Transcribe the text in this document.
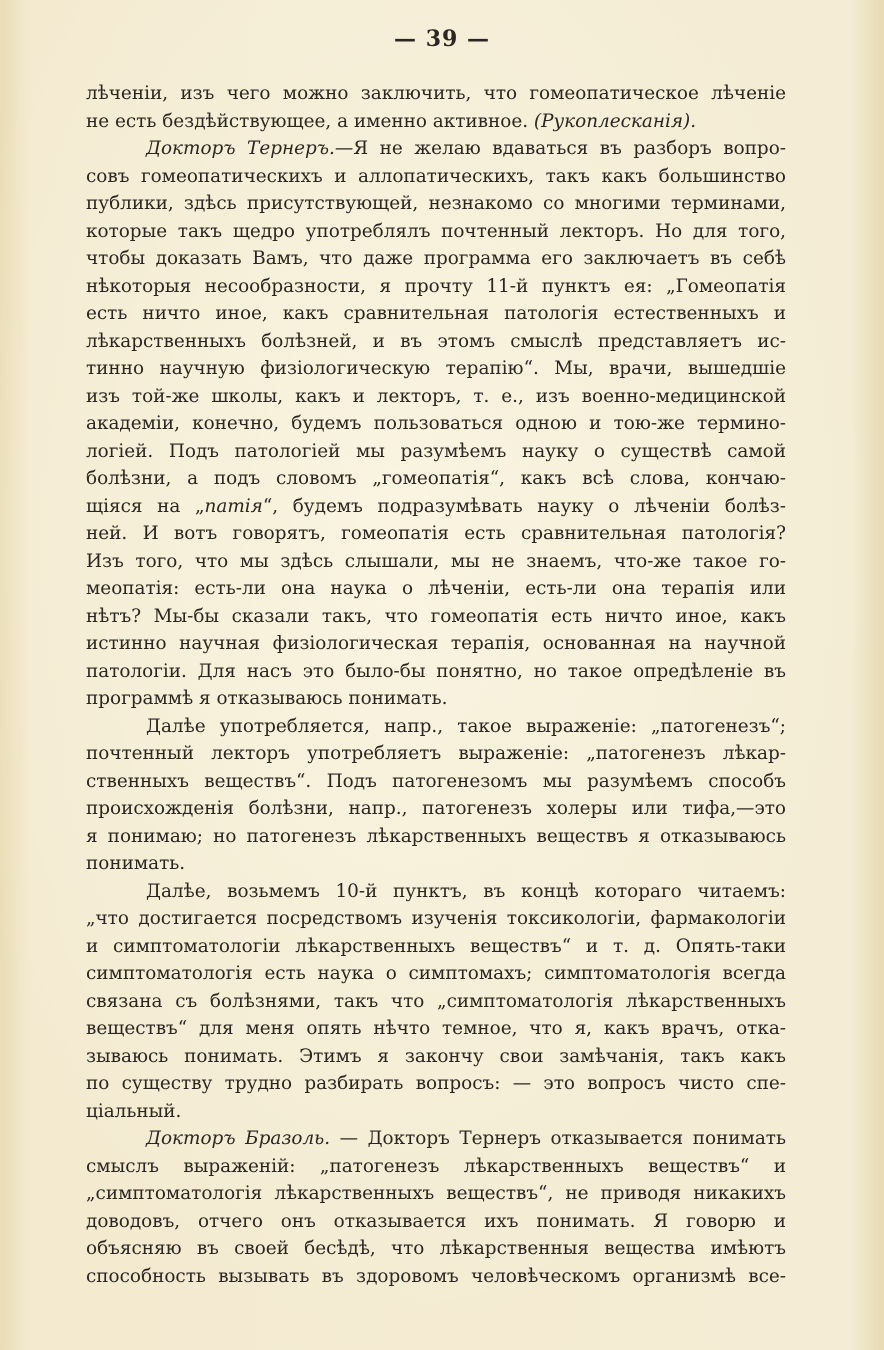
— 39 —
лѣченіи, изъ чего можно заключить, что гомеопатическое лѣченіе
не есть бездѣйствующее, а именно активное. (Рукоплесканія).
Докторъ Тернеръ.—Я не желаю вдаваться въ разборъ вопро-
совъ гомеопатическихъ и аллопатическихъ, такъ какъ большинство
публики, здѣсь присутствующей, незнакомо со многими терминами,
которые такъ щедро употреблялъ почтенный лекторъ. Но для того,
чтобы доказать Вамъ, что даже программа его заключаетъ въ себѣ
нѣкоторыя несообразности, я прочту 11-й пунктъ ея: „Гомеопатія
есть ничто иное, какъ сравнительная патологія естественныхъ и
лѣкарственныхъ болѣзней, и въ этомъ смыслѣ представляетъ ис-
тинно научную физіологическую терапію“. Мы, врачи, вышедшіе
изъ той-же школы, какъ и лекторъ, т. е., изъ военно-медицинской
академіи, конечно, будемъ пользоваться одною и тою-же термино-
логіей. Подъ патологіей мы разумѣемъ науку о существѣ самой
болѣзни, а подъ словомъ „гомеопатія“, какъ всѣ слова, кончаю-
щіяся на „патія“, будемъ подразумѣвать науку о лѣченіи болѣз-
ней. И вотъ говорятъ, гомеопатія есть сравнительная патологія?
Изъ того, что мы здѣсь слышали, мы не знаемъ, что-же такое го-
меопатія: есть-ли она наука о лѣченіи, есть-ли она терапія или
нѣтъ? Мы-бы сказали такъ, что гомеопатія есть ничто иное, какъ
истинно научная физіологическая терапія, основанная на научной
патологіи. Для насъ это было-бы понятно, но такое опредѣленіе въ
программѣ я отказываюсь понимать.
Далѣе употребляется, напр., такое выраженіе: „патогенезъ“;
почтенный лекторъ употребляетъ выраженіе: „патогенезъ лѣкар-
ственныхъ веществъ“. Подъ патогенезомъ мы разумѣемъ способъ
происхожденія болѣзни, напр., патогенезъ холеры или тифа,—это
я понимаю; но патогенезъ лѣкарственныхъ веществъ я отказываюсь
понимать.
Далѣе, возьмемъ 10-й пунктъ, въ концѣ котораго читаемъ:
„что достигается посредствомъ изученія токсикологіи, фармакологіи
и симптоматологіи лѣкарственныхъ веществъ“ и т. д. Опять-таки
симптоматологія есть наука о симптомахъ; симптоматологія всегда
связана съ болѣзнями, такъ что „симптоматологія лѣкарственныхъ
веществъ“ для меня опять нѣчто темное, что я, какъ врачъ, отка-
зываюсь понимать. Этимъ я закончу свои замѣчанія, такъ какъ
по существу трудно разбирать вопросъ: — это вопросъ чисто спе-
ціальный.
Докторъ Бразоль. — Докторъ Тернеръ отказывается понимать
смыслъ выраженій: „патогенезъ лѣкарственныхъ веществъ“ и
„симптоматологія лѣкарственныхъ веществъ“, не приводя никакихъ
доводовъ, отчего онъ отказывается ихъ понимать. Я говорю и
объясняю въ своей бесѣдѣ, что лѣкарственныя вещества имѣютъ
способность вызывать въ здоровомъ человѣческомъ организмѣ все-
